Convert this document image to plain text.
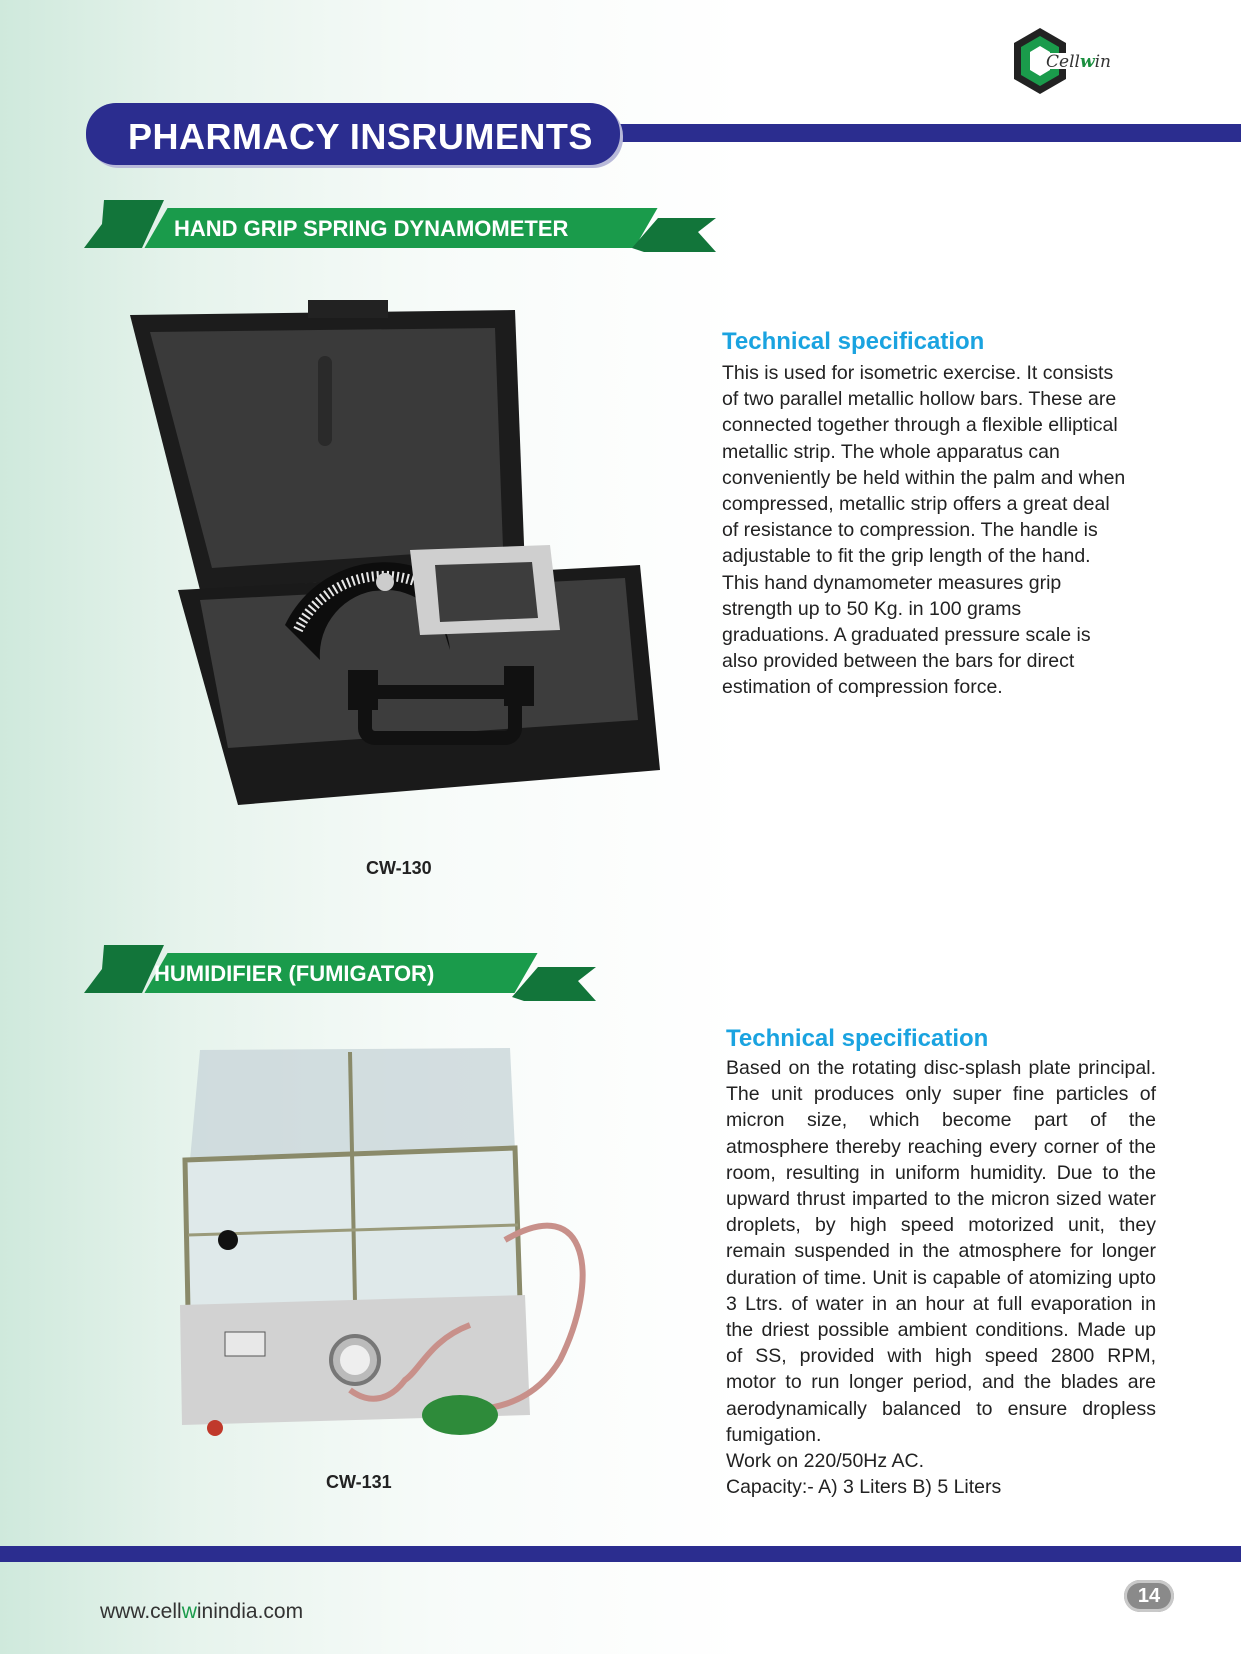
Cellwin
PHARMACY INSRUMENTS
HAND GRIP SPRING DYNAMOMETER
Technical specification
This is used for isometric exercise. It consists
of two parallel metallic hollow bars. These are
connected together through a flexible elliptical
metallic strip. The whole apparatus can
conveniently be held within the palm and when
compressed, metallic strip offers a great deal
of resistance to compression. The handle is
adjustable to fit the grip length of the hand.
This hand dynamometer measures grip
strength up to 50 Kg. in 100 grams
graduations. A graduated pressure scale is
also provided between the bars for direct
estimation of compression force.
CW-130
HUMIDIFIER (FUMIGATOR)
Technical specification

Based on the rotating disc-splash plate principal. The unit produces only super fine particles of micron size, which become part of the atmosphere thereby reaching every corner of the room, resulting in uniform humidity. Due to the upward thrust imparted to the micron sized water droplets, by high speed motorized unit, they remain suspended in the atmosphere for longer duration of time. Unit is capable of atomizing upto 3 Ltrs. of water in an hour at full evaporation in the driest possible ambient conditions. Made up of SS, provided with high speed 2800 RPM, motor to run longer period, and the blades are aerodynamically balanced to ensure dropless fumigation.

Work on 220/50Hz AC.
Capacity:- A) 3 Liters B) 5 Liters
CW-131
www.cellwinindia.com
14
